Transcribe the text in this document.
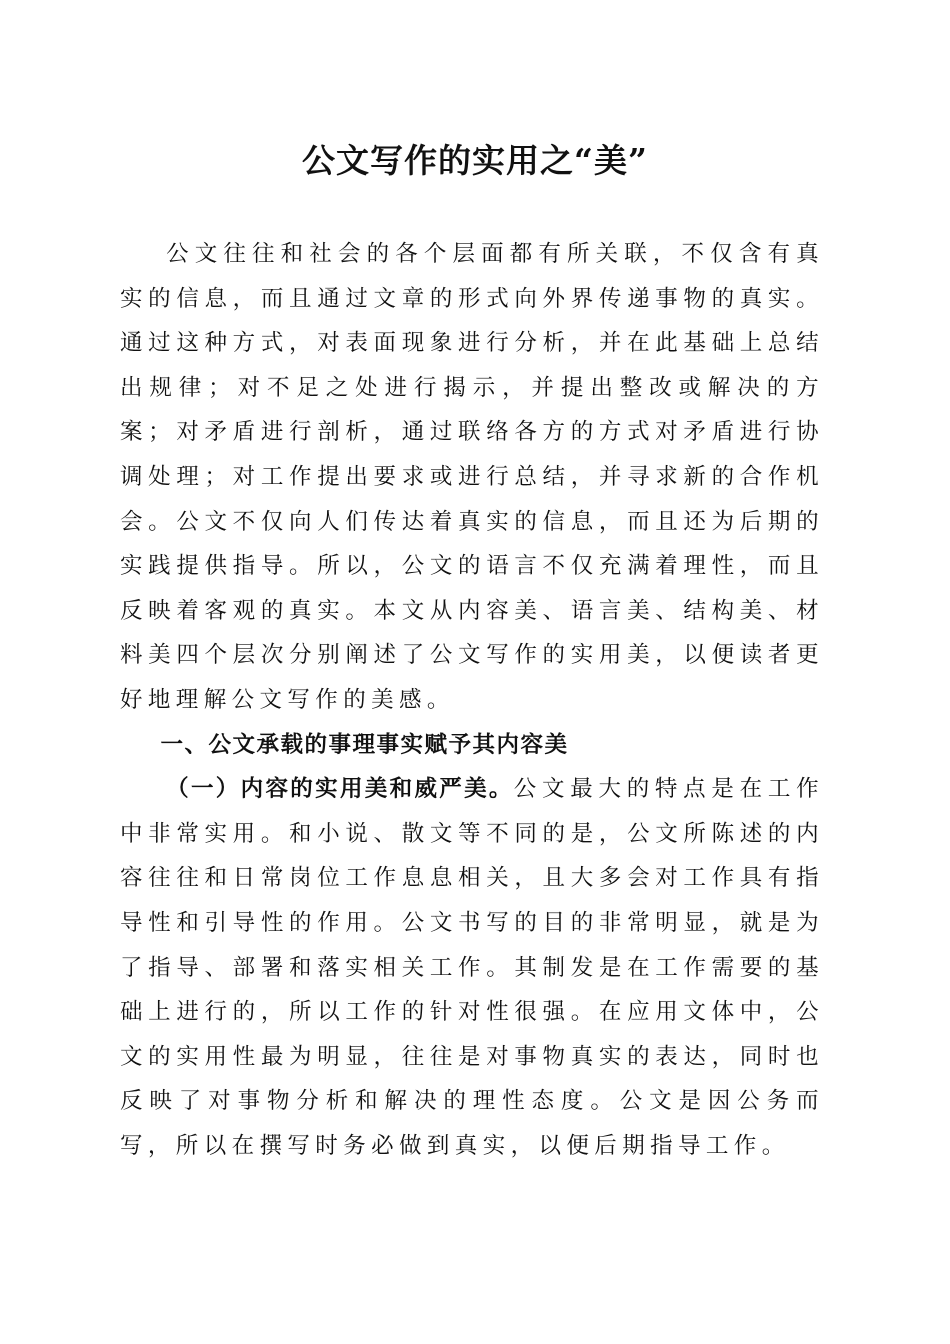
公文写作的实用之“美”

公文往往和社会的各个层面都有所关联，不仅含有真实的信息，而且通过文章的形式向外界传递事物的真实。通过这种方式，对表面现象进行分析，并在此基础上总结出规律；对不足之处进行揭示，并提出整改或解决的方案；对矛盾进行剖析，通过联络各方的方式对矛盾进行协调处理；对工作提出要求或进行总结，并寻求新的合作机会。公文不仅向人们传达着真实的信息，而且还为后期的实践提供指导。所以，公文的语言不仅充满着理性，而且反映着客观的真实。本文从内容美、语言美、结构美、材料美四个层次分别阐述了公文写作的实用美，以便读者更好地理解公文写作的美感。

一、公文承载的事理事实赋予其内容美

（一）内容的实用美和威严美。公文最大的特点是在工作中非常实用。和小说、散文等不同的是，公文所陈述的内容往往和日常岗位工作息息相关，且大多会对工作具有指导性和引导性的作用。公文书写的目的非常明显，就是为了指导、部署和落实相关工作。其制发是在工作需要的基础上进行的，所以工作的针对性很强。在应用文体中，公文的实用性最为明显，往往是对事物真实的表达，同时也反映了对事物分析和解决的理性态度。公文是因公务而写，所以在撰写时务必做到真实，以便后期指导工作。
